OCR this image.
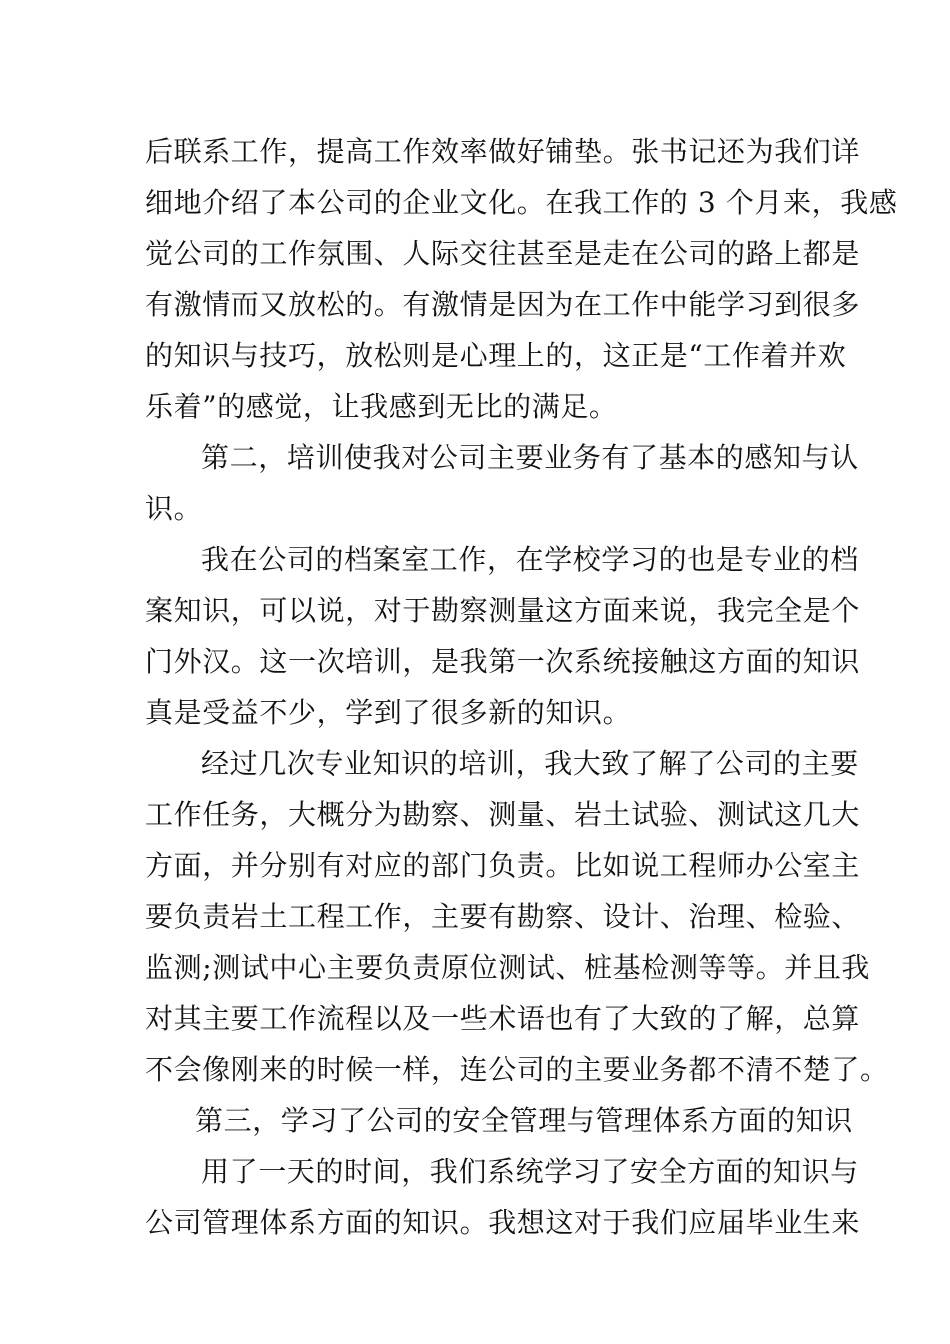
后联系工作，提高工作效率做好铺垫。张书记还为我们详
细地介绍了本公司的企业文化。在我工作的 3 个月来，我感
觉公司的工作氛围、人际交往甚至是走在公司的路上都是
有激情而又放松的。有激情是因为在工作中能学习到很多
的知识与技巧，放松则是心理上的，这正是“工作着并欢
乐着”的感觉，让我感到无比的满足。
第二，培训使我对公司主要业务有了基本的感知与认
识。
我在公司的档案室工作，在学校学习的也是专业的档
案知识，可以说，对于勘察测量这方面来说，我完全是个
门外汉。这一次培训，是我第一次系统接触这方面的知识
真是受益不少，学到了很多新的知识。
经过几次专业知识的培训，我大致了解了公司的主要
工作任务，大概分为勘察、测量、岩土试验、测试这几大
方面，并分别有对应的部门负责。比如说工程师办公室主
要负责岩土工程工作，主要有勘察、设计、治理、检验、
监测;测试中心主要负责原位测试、桩基检测等等。并且我
对其主要工作流程以及一些术语也有了大致的了解，总算
不会像刚来的时候一样，连公司的主要业务都不清不楚了。
第三，学习了公司的安全管理与管理体系方面的知识
用了一天的时间，我们系统学习了安全方面的知识与
公司管理体系方面的知识。我想这对于我们应届毕业生来
